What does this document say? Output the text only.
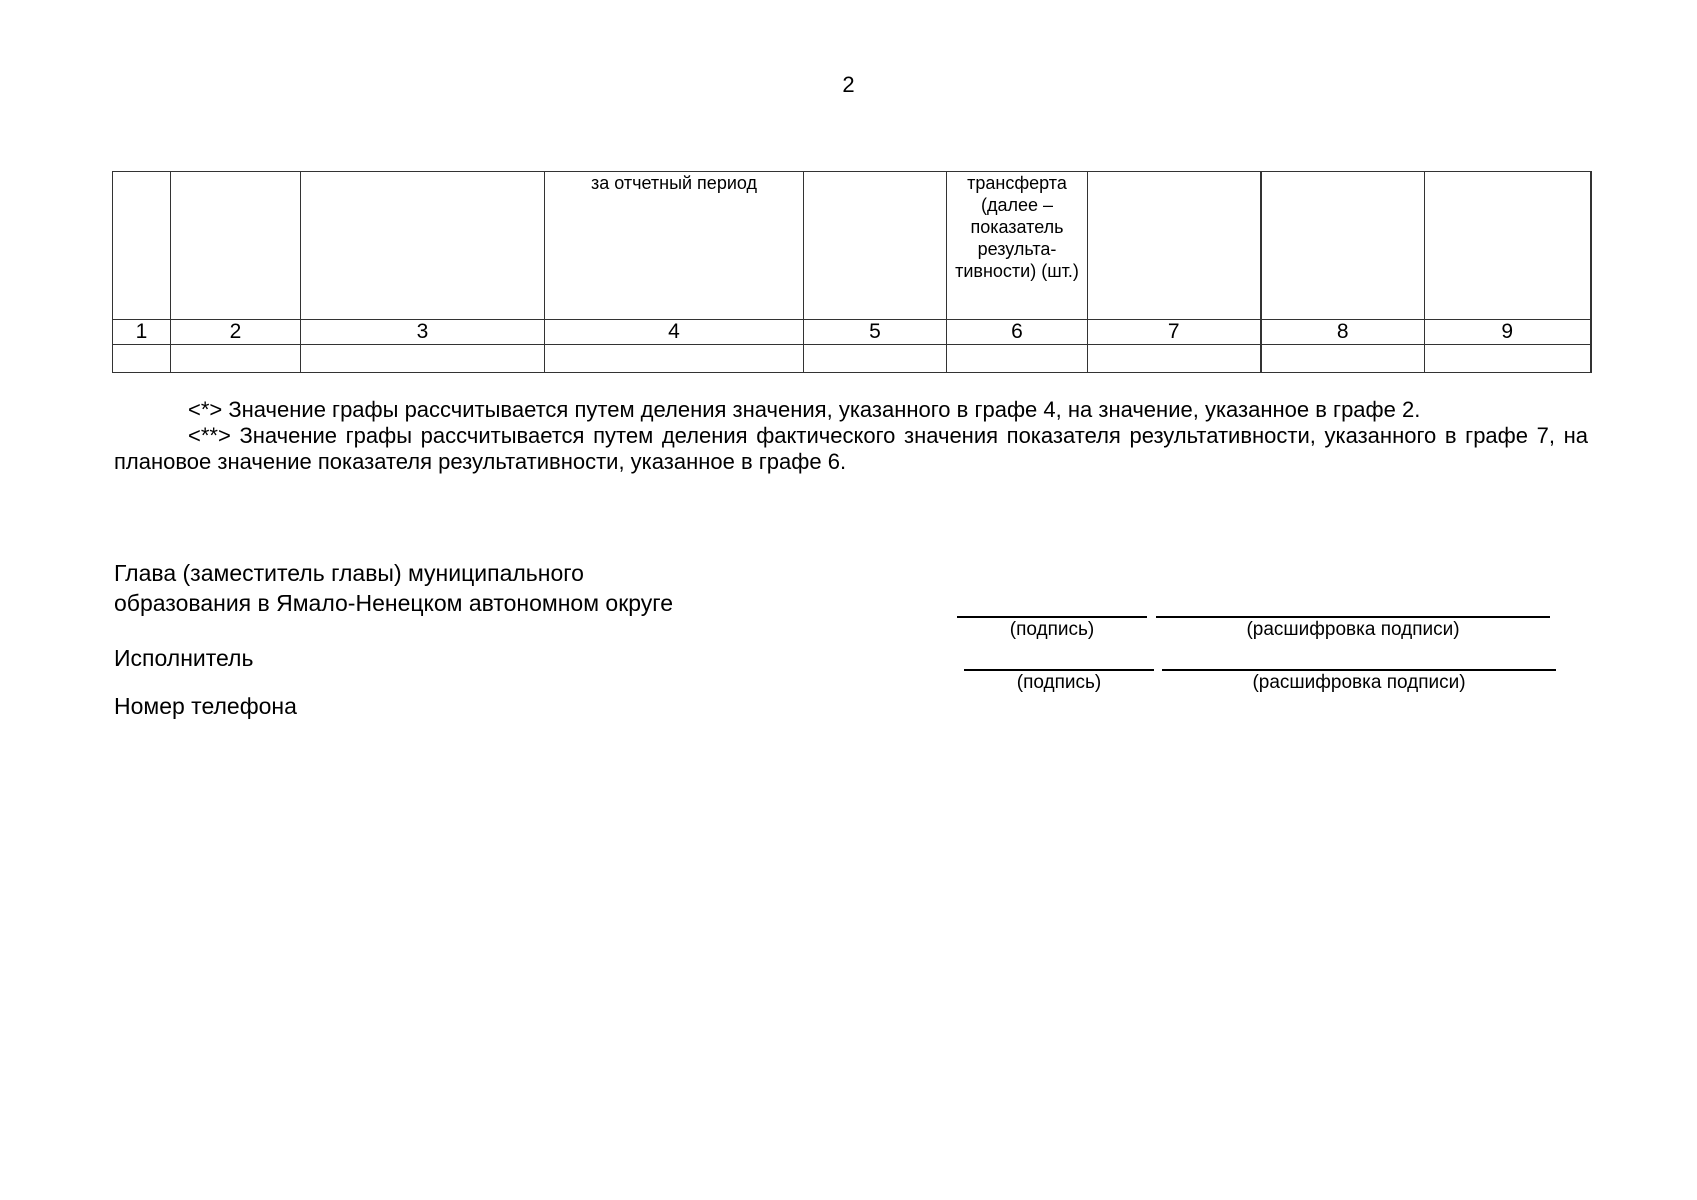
2
			за отчетный период		трансферта (далее – показатель результа-тивности) (шт.)			
1	2	3	4	5	6	7	8	9

<*> Значение графы рассчитывается путем деления значения, указанного в графе 4, на значение, указанное в графе 2.

<**> Значение графы рассчитывается путем деления фактического значения показателя результативности, указанного в графе 7, на плановое значение показателя результативности, указанное в графе 6.

Глава (заместитель главы) муниципального
образования в Ямало-Ненецком автономном округе
Исполнитель
Номер телефона
(подпись)	(расшифровка подписи)
(подпись)	(расшифровка подписи)
